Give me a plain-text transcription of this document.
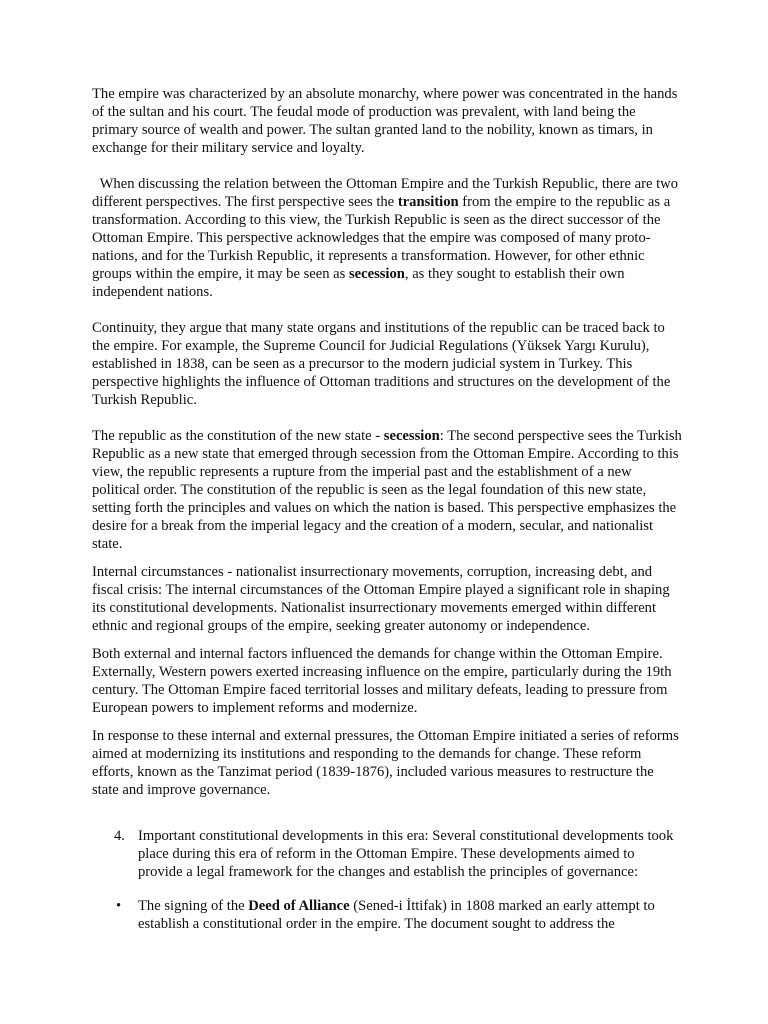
The empire was characterized by an absolute monarchy, where power was concentrated in the hands of the sultan and his court. The feudal mode of production was prevalent, with land being the primary source of wealth and power. The sultan granted land to the nobility, known as timars, in exchange for their military service and loyalty.

When discussing the relation between the Ottoman Empire and the Turkish Republic, there are two different perspectives. The first perspective sees the transition from the empire to the republic as a transformation. According to this view, the Turkish Republic is seen as the direct successor of the Ottoman Empire. This perspective acknowledges that the empire was composed of many proto-nations, and for the Turkish Republic, it represents a transformation. However, for other ethnic groups within the empire, it may be seen as secession, as they sought to establish their own independent nations.

Continuity, they argue that many state organs and institutions of the republic can be traced back to the empire. For example, the Supreme Council for Judicial Regulations (Yüksek Yargı Kurulu), established in 1838, can be seen as a precursor to the modern judicial system in Turkey. This perspective highlights the influence of Ottoman traditions and structures on the development of the Turkish Republic.

The republic as the constitution of the new state - secession: The second perspective sees the Turkish Republic as a new state that emerged through secession from the Ottoman Empire. According to this view, the republic represents a rupture from the imperial past and the establishment of a new political order. The constitution of the republic is seen as the legal foundation of this new state, setting forth the principles and values on which the nation is based. This perspective emphasizes the desire for a break from the imperial legacy and the creation of a modern, secular, and nationalist state.

Internal circumstances - nationalist insurrectionary movements, corruption, increasing debt, and fiscal crisis: The internal circumstances of the Ottoman Empire played a significant role in shaping its constitutional developments. Nationalist insurrectionary movements emerged within different ethnic and regional groups of the empire, seeking greater autonomy or independence.

Both external and internal factors influenced the demands for change within the Ottoman Empire. Externally, Western powers exerted increasing influence on the empire, particularly during the 19th century. The Ottoman Empire faced territorial losses and military defeats, leading to pressure from European powers to implement reforms and modernize.

In response to these internal and external pressures, the Ottoman Empire initiated a series of reforms aimed at modernizing its institutions and responding to the demands for change. These reform efforts, known as the Tanzimat period (1839-1876), included various measures to restructure the state and improve governance.

4. Important constitutional developments in this era: Several constitutional developments took place during this era of reform in the Ottoman Empire. These developments aimed to provide a legal framework for the changes and establish the principles of governance:
• The signing of the Deed of Alliance (Sened-i İttifak) in 1808 marked an early attempt to establish a constitutional order in the empire. The document sought to address the
